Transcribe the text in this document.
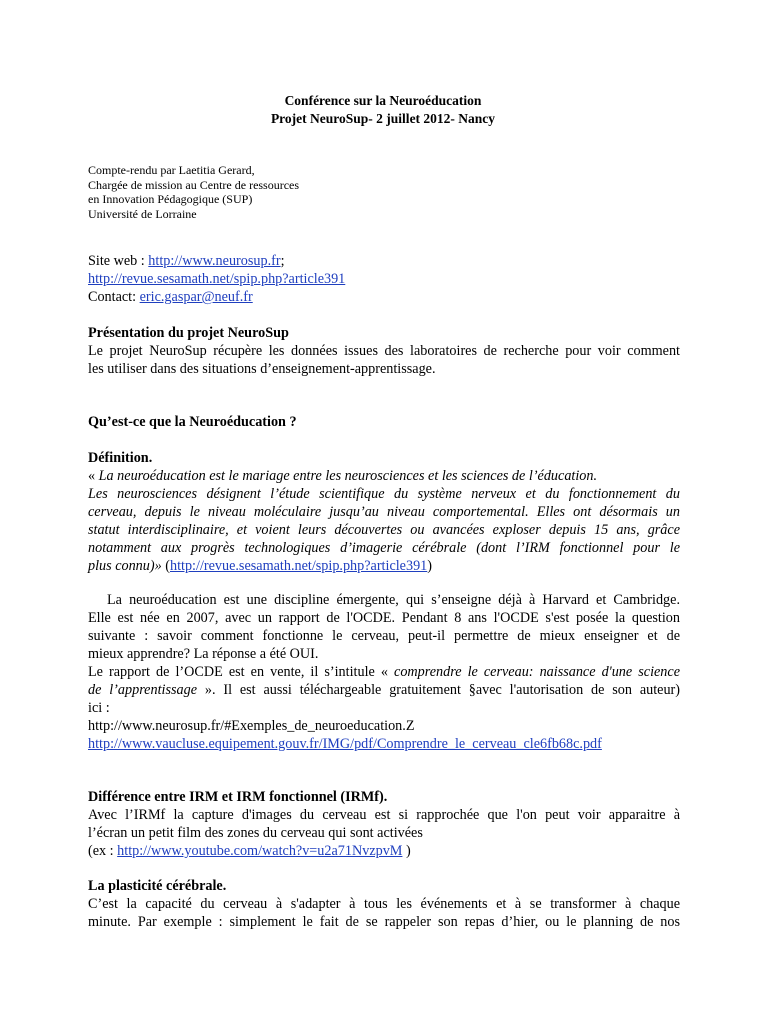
Conférence sur la Neuroéducation
Projet NeuroSup- 2 juillet 2012- Nancy
Compte-rendu par Laetitia Gerard,
Chargée de mission au Centre de ressources
en Innovation Pédagogique (SUP)
Université de Lorraine
Site web : http://www.neurosup.fr;
http://revue.sesamath.net/spip.php?article391
Contact: eric.gaspar@neuf.fr
Présentation du projet NeuroSup
Le projet NeuroSup récupère les données issues des laboratoires de recherche pour voir comment
les utiliser dans des situations d’enseignement-apprentissage.
Qu’est-ce que la Neuroéducation ?
Définition.
« La neuroéducation est le mariage entre les neurosciences et les sciences de l’éducation.
Les neurosciences désignent l’étude scientifique du système nerveux et du fonctionnement du
cerveau, depuis le niveau moléculaire jusqu’au niveau comportemental. Elles ont désormais un
statut interdisciplinaire, et voient leurs découvertes ou avancées exploser depuis 15 ans, grâce
notamment aux progrès technologiques d’imagerie cérébrale (dont l’IRM fonctionnel pour le
plus connu)» (http://revue.sesamath.net/spip.php?article391)
La neuroéducation est une discipline émergente, qui s’enseigne déjà à Harvard et Cambridge.
Elle est née en 2007, avec un rapport de l'OCDE. Pendant 8 ans l'OCDE s'est posée la question
suivante : savoir comment fonctionne le cerveau, peut-il permettre de mieux enseigner et de
mieux apprendre? La réponse a été OUI.
Le rapport de l’OCDE est en vente, il s’intitule « comprendre le cerveau: naissance d'une science
de l’apprentissage ». Il est aussi téléchargeable gratuitement §avec l'autorisation de son auteur)
ici :
http://www.neurosup.fr/#Exemples_de_neuroeducation.Z
http://www.vaucluse.equipement.gouv.fr/IMG/pdf/Comprendre_le_cerveau_cle6fb68c.pdf
Différence entre IRM et IRM fonctionnel (IRMf).
Avec l’IRMf la capture d'images du cerveau est si rapprochée que l'on peut voir apparaitre à
l’écran un petit film des zones du cerveau qui sont activées
(ex : http://www.youtube.com/watch?v=u2a71NvzpvM )
La plasticité cérébrale.
C’est la capacité du cerveau à s'adapter à tous les événements et à se transformer à chaque
minute. Par exemple : simplement le fait de se rappeler son repas d’hier, ou le planning de nos
